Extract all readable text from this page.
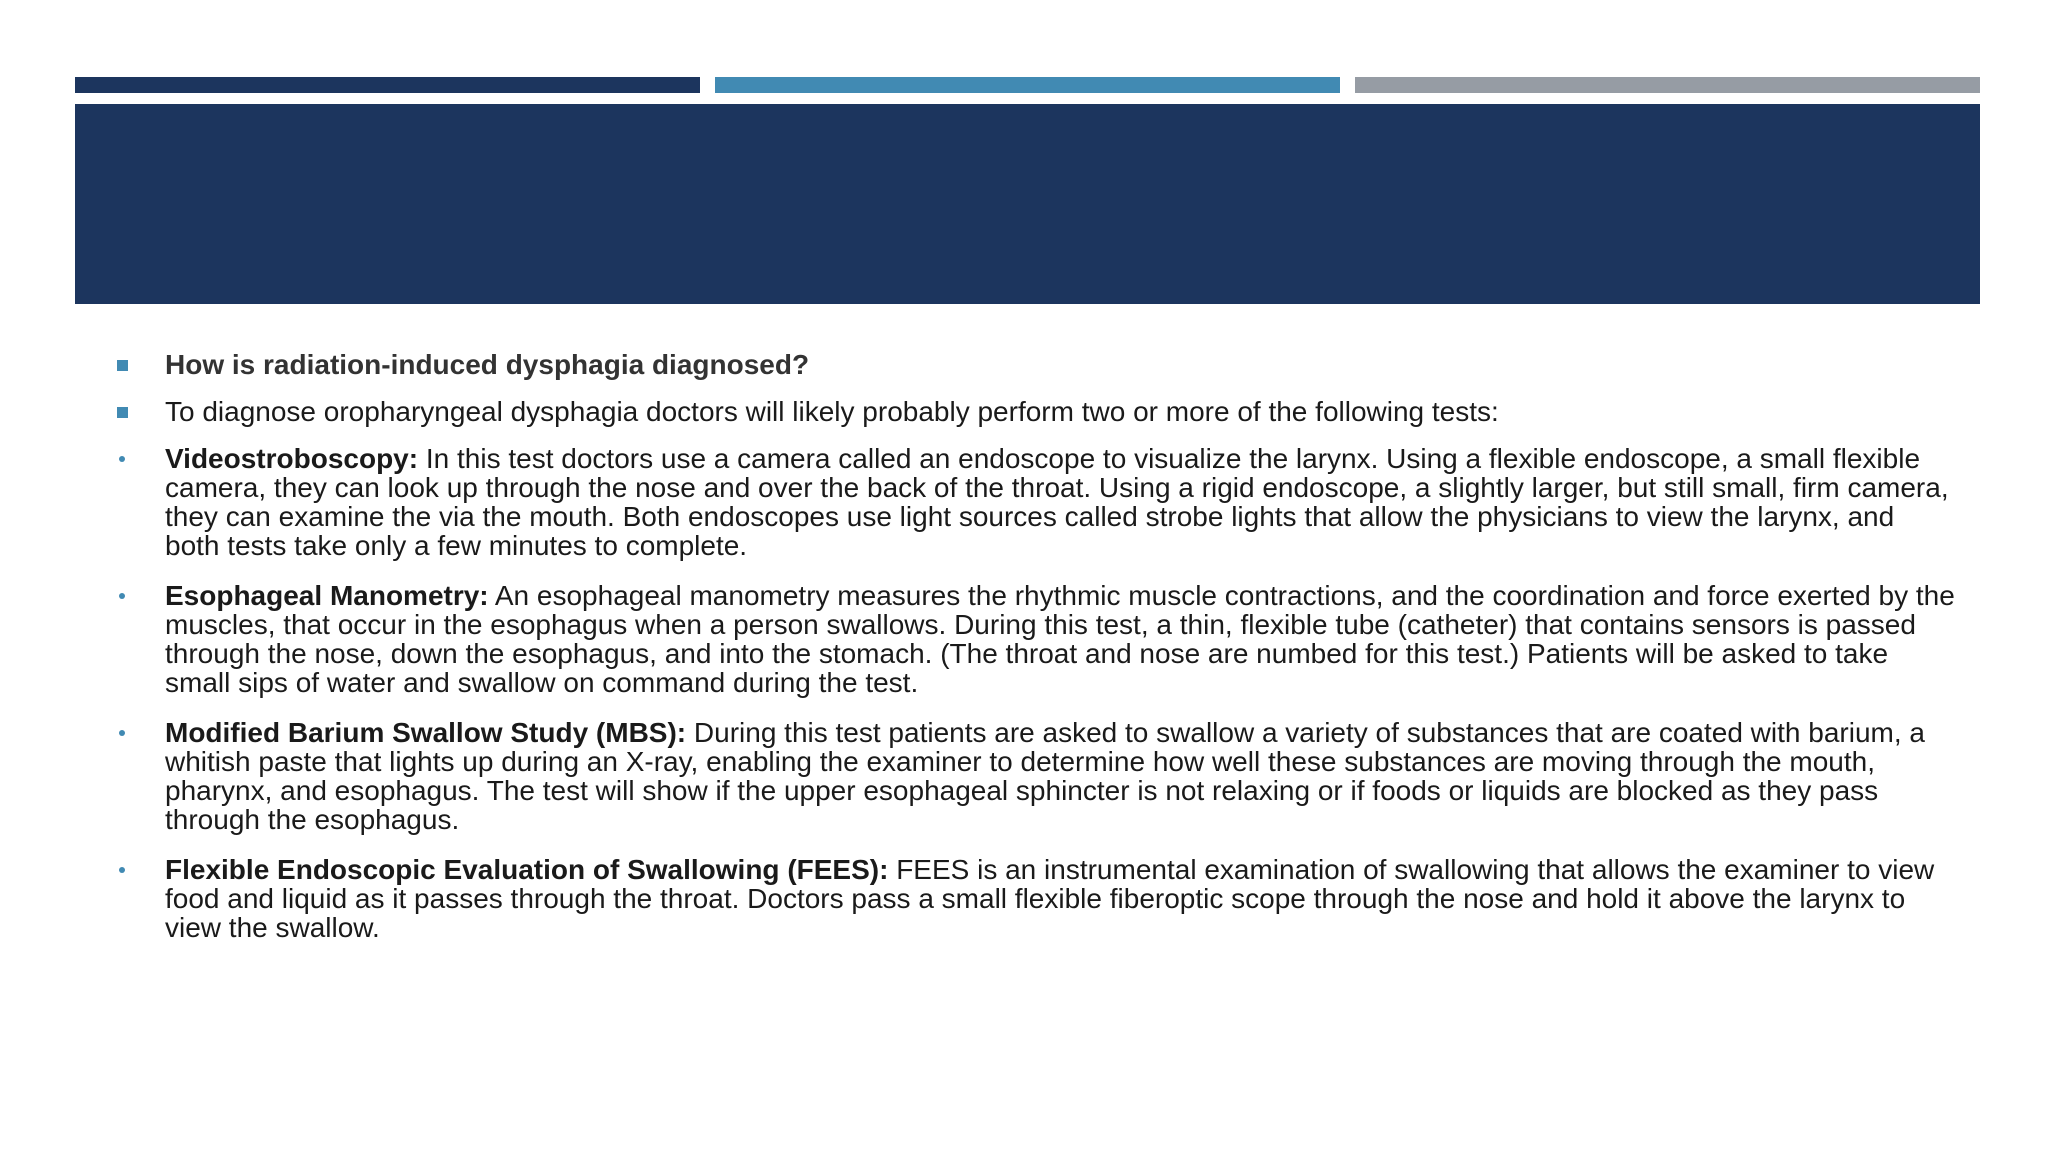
How is radiation-induced dysphagia diagnosed?
To diagnose oropharyngeal dysphagia doctors will likely probably perform two or more of the following tests:
Videostroboscopy: In this test doctors use a camera called an endoscope to visualize the larynx. Using a flexible endoscope, a small flexible camera, they can look up through the nose and over the back of the throat. Using a rigid endoscope, a slightly larger, but still small, firm camera, they can examine the via the mouth. Both endoscopes use light sources called strobe lights that allow the physicians to view the larynx, and both tests take only a few minutes to complete.
Esophageal Manometry: An esophageal manometry measures the rhythmic muscle contractions, and the coordination and force exerted by the muscles, that occur in the esophagus when a person swallows. During this test, a thin, flexible tube (catheter) that contains sensors is passed through the nose, down the esophagus, and into the stomach. (The throat and nose are numbed for this test.) Patients will be asked to take small sips of water and swallow on command during the test.
Modified Barium Swallow Study (MBS): During this test patients are asked to swallow a variety of substances that are coated with barium, a whitish paste that lights up during an X-ray, enabling the examiner to determine how well these substances are moving through the mouth, pharynx, and esophagus. The test will show if the upper esophageal sphincter is not relaxing or if foods or liquids are blocked as they pass through the esophagus.
Flexible Endoscopic Evaluation of Swallowing (FEES): FEES is an instrumental examination of swallowing that allows the examiner to view food and liquid as it passes through the throat. Doctors pass a small flexible fiberoptic scope through the nose and hold it above the larynx to view the swallow.
